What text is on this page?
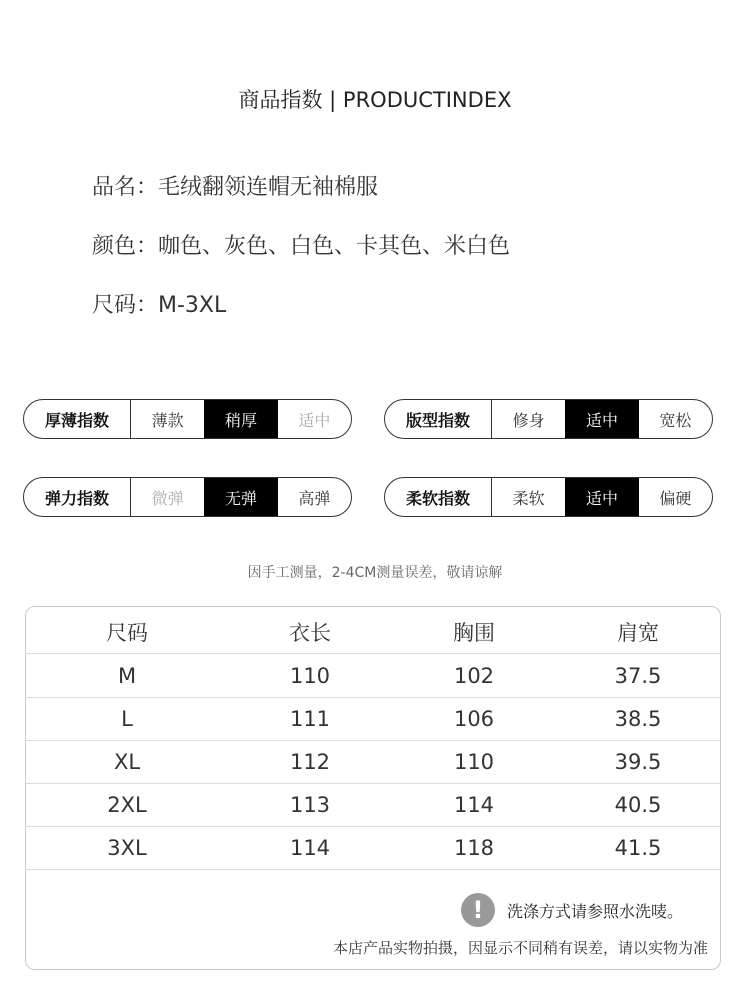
商品指数 | PRODUCTINDEX
品名：毛绒翻领连帽无袖棉服
颜色：咖色、灰色、白色、卡其色、米白色
尺码：M-3XL
厚薄指数	薄款	稍厚	适中	版型指数	修身	适中	宽松
弹力指数	微弹	无弹	高弹	柔软指数	柔软	适中	偏硬
因手工测量，2-4CM测量误差，敬请谅解
尺码	衣长	胸围	肩宽
M	110	102	37.5
L	111	106	38.5
XL	112	110	39.5
2XL	113	114	40.5
3XL	114	118	41.5
!	洗涤方式请参照水洗唛。
本店产品实物拍摄，因显示不同稍有误差，请以实物为准
